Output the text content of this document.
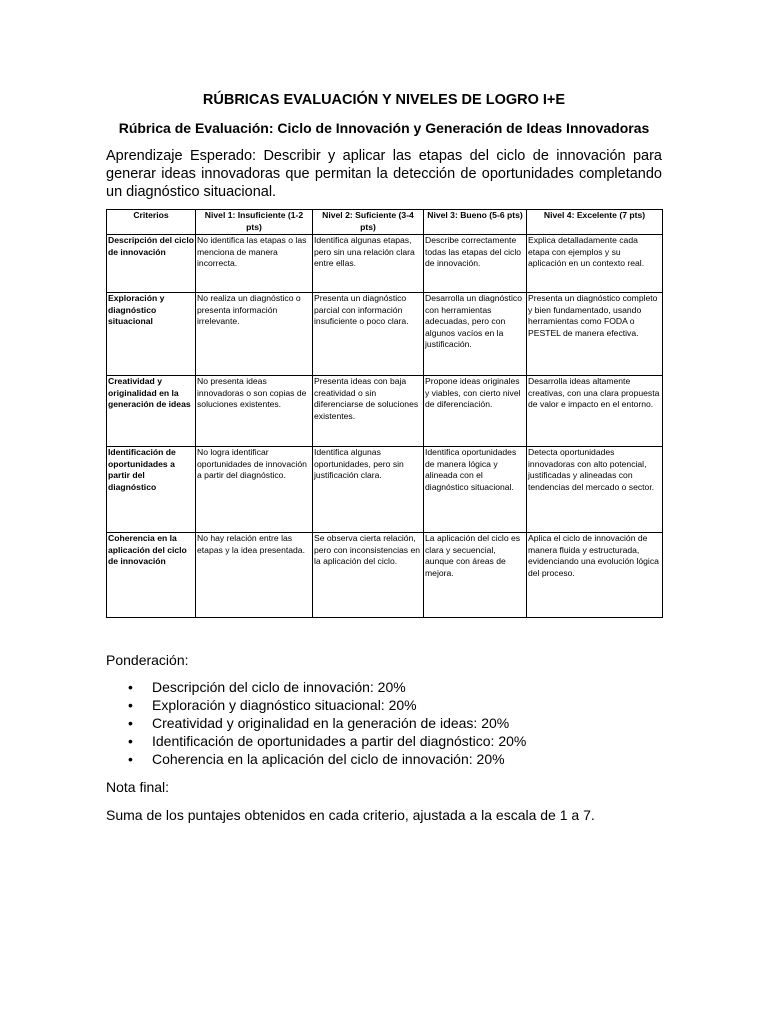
RÚBRICAS EVALUACIÓN Y NIVELES DE LOGRO I+E
Rúbrica de Evaluación: Ciclo de Innovación y Generación de Ideas Innovadoras

Aprendizaje Esperado: Describir y aplicar las etapas del ciclo de innovación para generar ideas innovadoras que permitan la detección de oportunidades completando un diagnóstico situacional.

Criterios	Nivel 1: Insuficiente (1-2 pts)	Nivel 2: Suficiente (3-4 pts)	Nivel 3: Bueno (5-6 pts)	Nivel 4: Excelente (7 pts)
Descripción del ciclo de innovación	No identifica las etapas o las menciona de manera incorrecta.	Identifica algunas etapas, pero sin una relación clara entre ellas.	Describe correctamente todas las etapas del ciclo de innovación.	Explica detalladamente cada etapa con ejemplos y su aplicación en un contexto real.
Exploración y diagnóstico situacional	No realiza un diagnóstico o presenta información irrelevante.	Presenta un diagnóstico parcial con información insuficiente o poco clara.	Desarrolla un diagnóstico con herramientas adecuadas, pero con algunos vacíos en la justificación.	Presenta un diagnóstico completo y bien fundamentado, usando herramientas como FODA o PESTEL de manera efectiva.
Creatividad y originalidad en la generación de ideas	No presenta ideas innovadoras o son copias de soluciones existentes.	Presenta ideas con baja creatividad o sin diferenciarse de soluciones existentes.	Propone ideas originales y viables, con cierto nivel de diferenciación.	Desarrolla ideas altamente creativas, con una clara propuesta de valor e impacto en el entorno.
Identificación de oportunidades a partir del diagnóstico	No logra identificar oportunidades de innovación a partir del diagnóstico.	Identifica algunas oportunidades, pero sin justificación clara.	Identifica oportunidades de manera lógica y alineada con el diagnóstico situacional.	Detecta oportunidades innovadoras con alto potencial, justificadas y alineadas con tendencias del mercado o sector.
Coherencia en la aplicación del ciclo de innovación	No hay relación entre las etapas y la idea presentada.	Se observa cierta relación, pero con inconsistencias en la aplicación del ciclo.	La aplicación del ciclo es clara y secuencial, aunque con áreas de mejora.	Aplica el ciclo de innovación de manera fluida y estructurada, evidenciando una evolución lógica del proceso.

Ponderación:

• Descripción del ciclo de innovación: 20%
• Exploración y diagnóstico situacional: 20%
• Creatividad y originalidad en la generación de ideas: 20%
• Identificación de oportunidades a partir del diagnóstico: 20%
• Coherencia en la aplicación del ciclo de innovación: 20%

Nota final:

Suma de los puntajes obtenidos en cada criterio, ajustada a la escala de 1 a 7.
